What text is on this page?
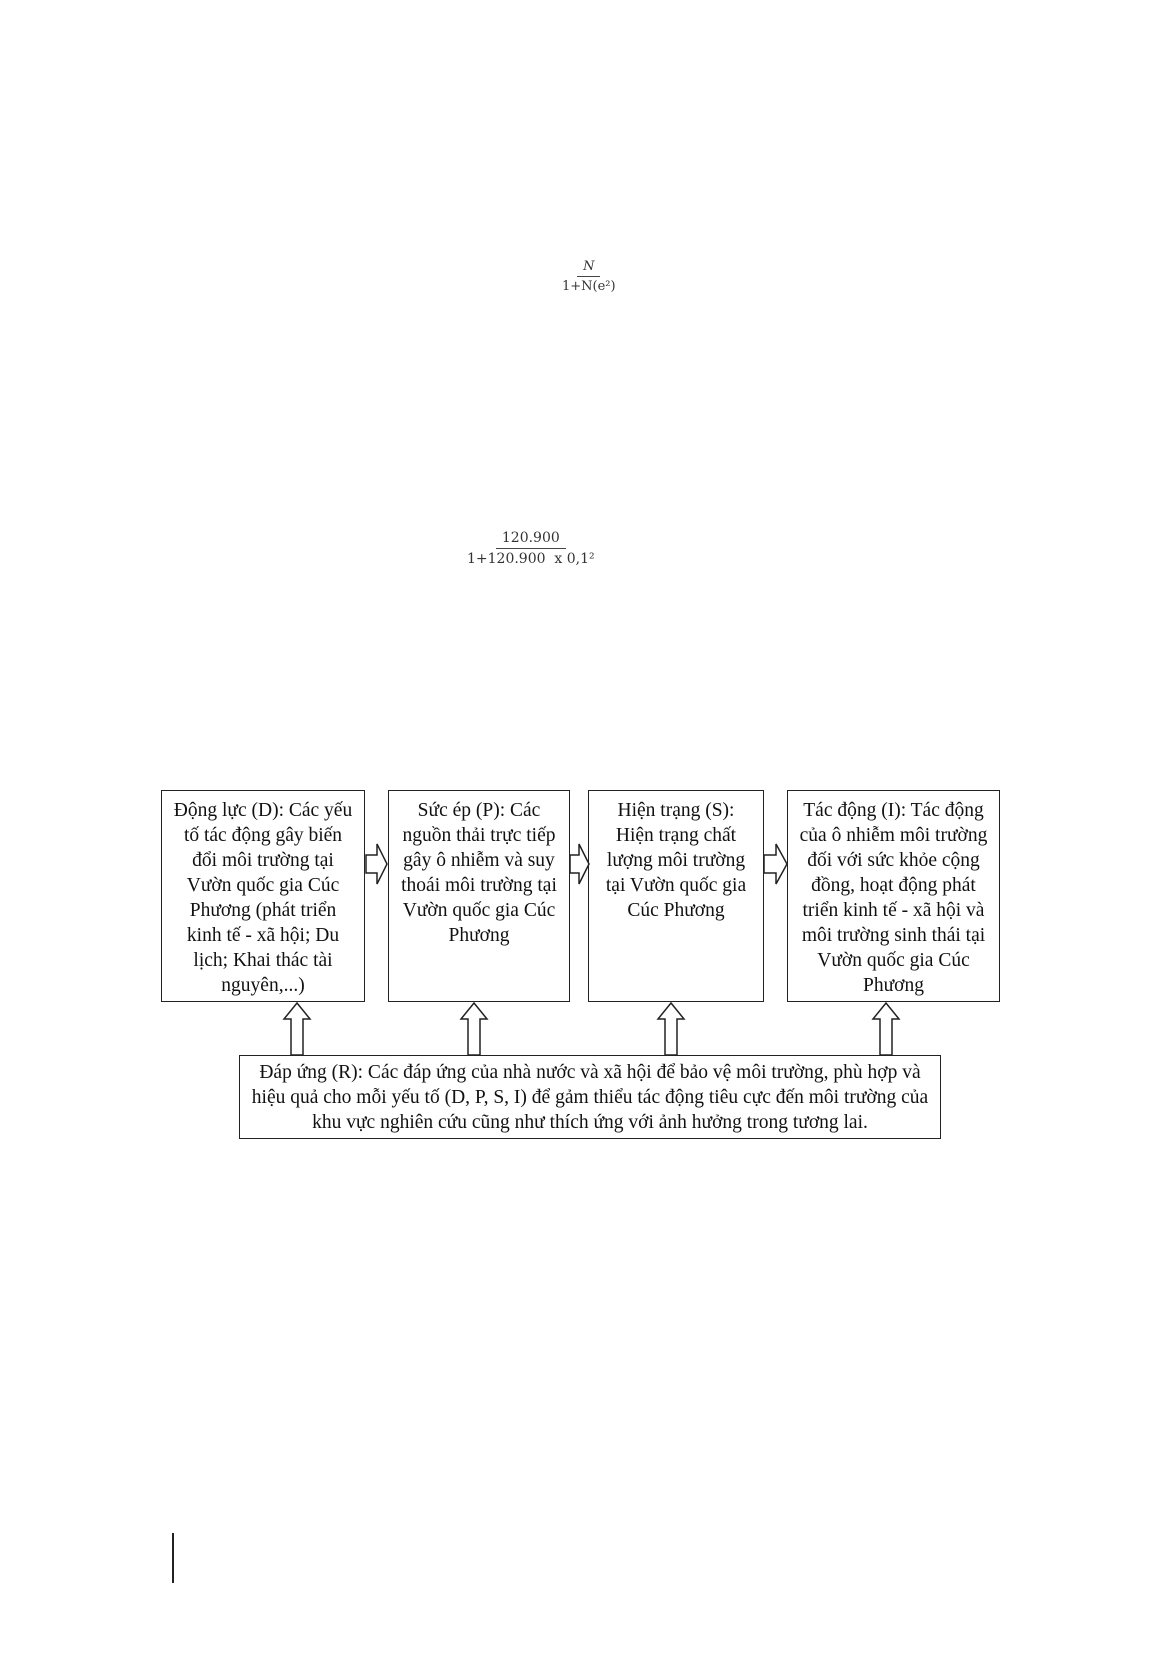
$\frac{N}{\text{1+N(e²)}}$
$\frac{120.900}{\text{1+120.900  x 0,1²}}$
Động lực (D): Các yếu tố tác động gây biến đổi môi trường tại Vườn quốc gia Cúc Phương (phát triển kinh tế - xã hội; Du lịch; Khai thác tài nguyên,...)
Sức ép (P): Các nguồn thải trực tiếp gây ô nhiễm và suy thoái môi trường tại Vườn quốc gia Cúc Phương
Hiện trạng (S): Hiện trạng chất lượng môi trường tại Vườn quốc gia Cúc Phương
Tác động (I): Tác động của ô nhiễm môi trường đối với sức khỏe cộng đồng, hoạt động phát triển kinh tế - xã hội và môi trường sinh thái tại Vườn quốc gia Cúc Phương
Đáp ứng (R): Các đáp ứng của nhà nước và xã hội để bảo vệ môi trường, phù hợp và hiệu quả cho mỗi yếu tố (D, P, S, I) để gảm thiểu tác động tiêu cực đến môi trường của khu vực nghiên cứu cũng như thích ứng với ảnh hưởng trong tương lai.
